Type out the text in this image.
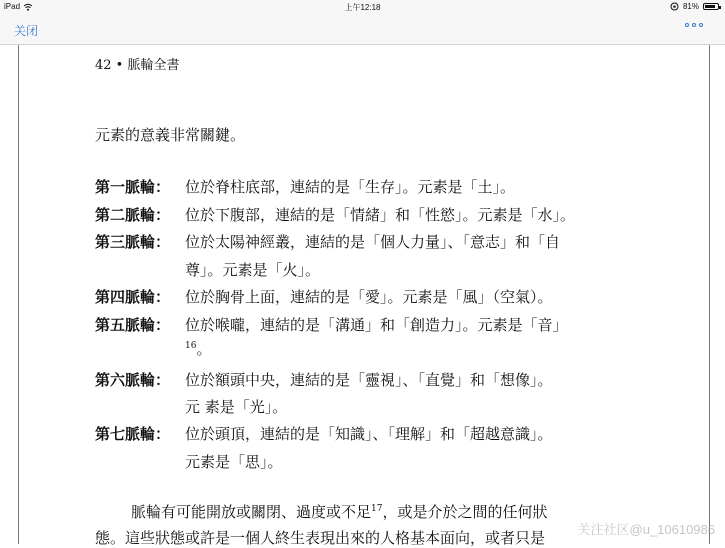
iPad	上午12:18	81%
关闭
42 • 脈輪全書
元素的意義非常關鍵。
第一脈輪： 位於脊柱底部，連結的是「生存」。元素是「土」。
第二脈輪： 位於下腹部，連結的是「情緒」和「性慾」。元素是「水」。
第三脈輪： 位於太陽神經叢，連結的是「個人力量」、「意志」和「自
尊」。元素是「火」。
第四脈輪： 位於胸骨上面，連結的是「愛」。元素是「風」（空氣）。
第五脈輪： 位於喉嚨，連結的是「溝通」和「創造力」。元素是「音」
$^{16}$。
第六脈輪： 位於額頭中央，連結的是「靈視」、「直覺」和「想像」。
元 素是「光」。
第七脈輪： 位於頭頂，連結的是「知識」、「理解」和「超越意識」。
元素是「思」。
脈輪有可能開放或關閉、過度或不足$^{17}$，或是介於之間的任何狀
態。這些狀態或許是一個人終生表現出來的人格基本面向，或者只是 关注社区@u_10610986
